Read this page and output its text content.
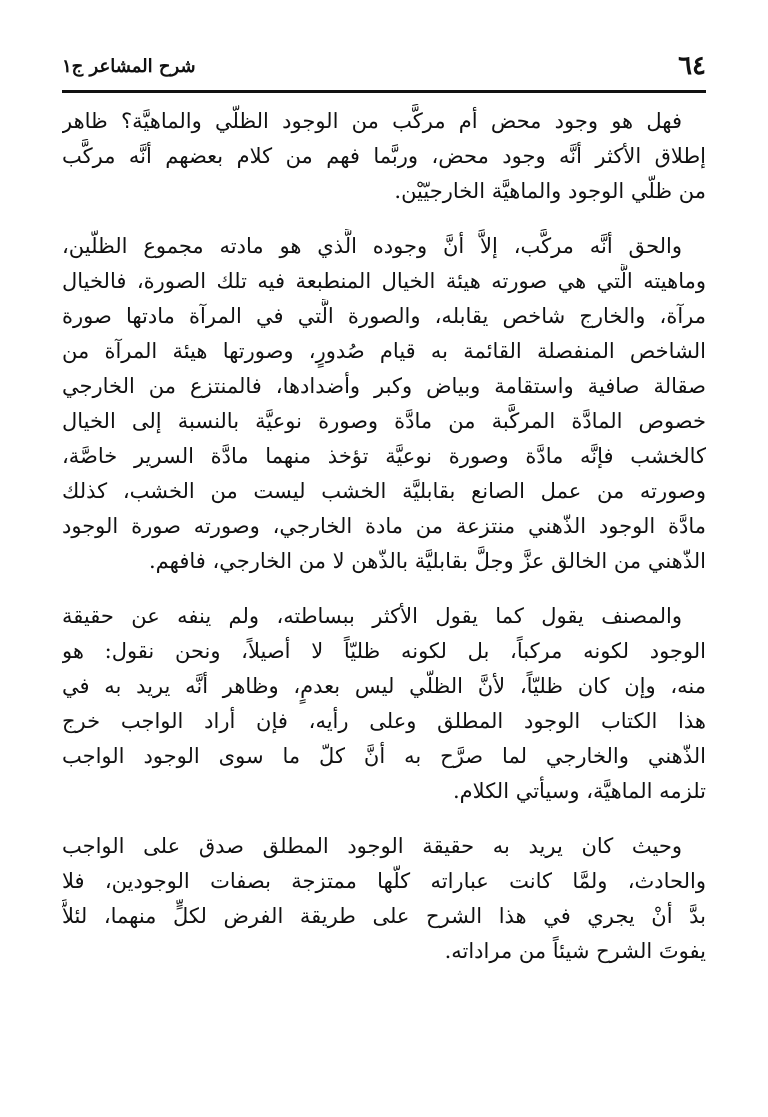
٦٤
شرح المشاعر ج١
فهل هو وجود محض أم مركَّب من الوجود الظلّي والماهيَّة؟ ظاهر
إطلاق الأكثر أنَّه وجود محض، وربَّما فهم من كلام بعضهم أنَّه مركَّب
من ظلّي الوجود والماهيَّة الخارجيّيْن.
والحق أنَّه مركَّب، إلاَّ أنَّ وجوده الَّذي هو مادته مجموع الظلّين،
وماهيته الَّتي هي صورته هيئة الخيال المنطبعة فيه تلك الصورة، فالخيال
مرآة، والخارج شاخص يقابله، والصورة الَّتي في المرآة مادتها صورة
الشاخص المنفصلة القائمة به قيام صُدورٍ، وصورتها هيئة المرآة من
صقالة صافية واستقامة وبياض وكبر وأضدادها، فالمنتزع من الخارجي
خصوص المادَّة المركَّبة من مادَّة وصورة نوعيَّة بالنسبة إلى الخيال
كالخشب فإنَّه مادَّة وصورة نوعيَّة تؤخذ منهما مادَّة السرير خاصَّة،
وصورته من عمل الصانع بقابليَّة الخشب ليست من الخشب، كذلك
مادَّة الوجود الذّهني منتزعة من مادة الخارجي، وصورته صورة الوجود
الذّهني من الخالق عزَّ وجلَّ بقابليَّة بالذّهن لا من الخارجي، فافهم.
والمصنف يقول كما يقول الأكثر ببساطته، ولم ينفه عن حقيقة
الوجود لكونه مركباً، بل لكونه ظليّاً لا أصيلاً، ونحن نقول: هو
منه، وإن كان ظليّاً، لأنَّ الظلّي ليس بعدمٍ، وظاهر أنَّه يريد به في
هذا الكتاب الوجود المطلق وعلى رأيه، فإن أراد الواجب خرج
الذّهني والخارجي لما صرَّح به أنَّ كلّ ما سوى الوجود الواجب
تلزمه الماهيَّة، وسيأتي الكلام.
وحيث كان يريد به حقيقة الوجود المطلق صدق على الواجب
والحادث، ولمَّا كانت عباراته كلّها ممتزجة بصفات الوجودين، فلا
بدَّ أنْ يجري في هذا الشرح على طريقة الفرض لكلٍّ منهما، لئلاَّ
يفوتَ الشرح شيئاً من مراداته.
